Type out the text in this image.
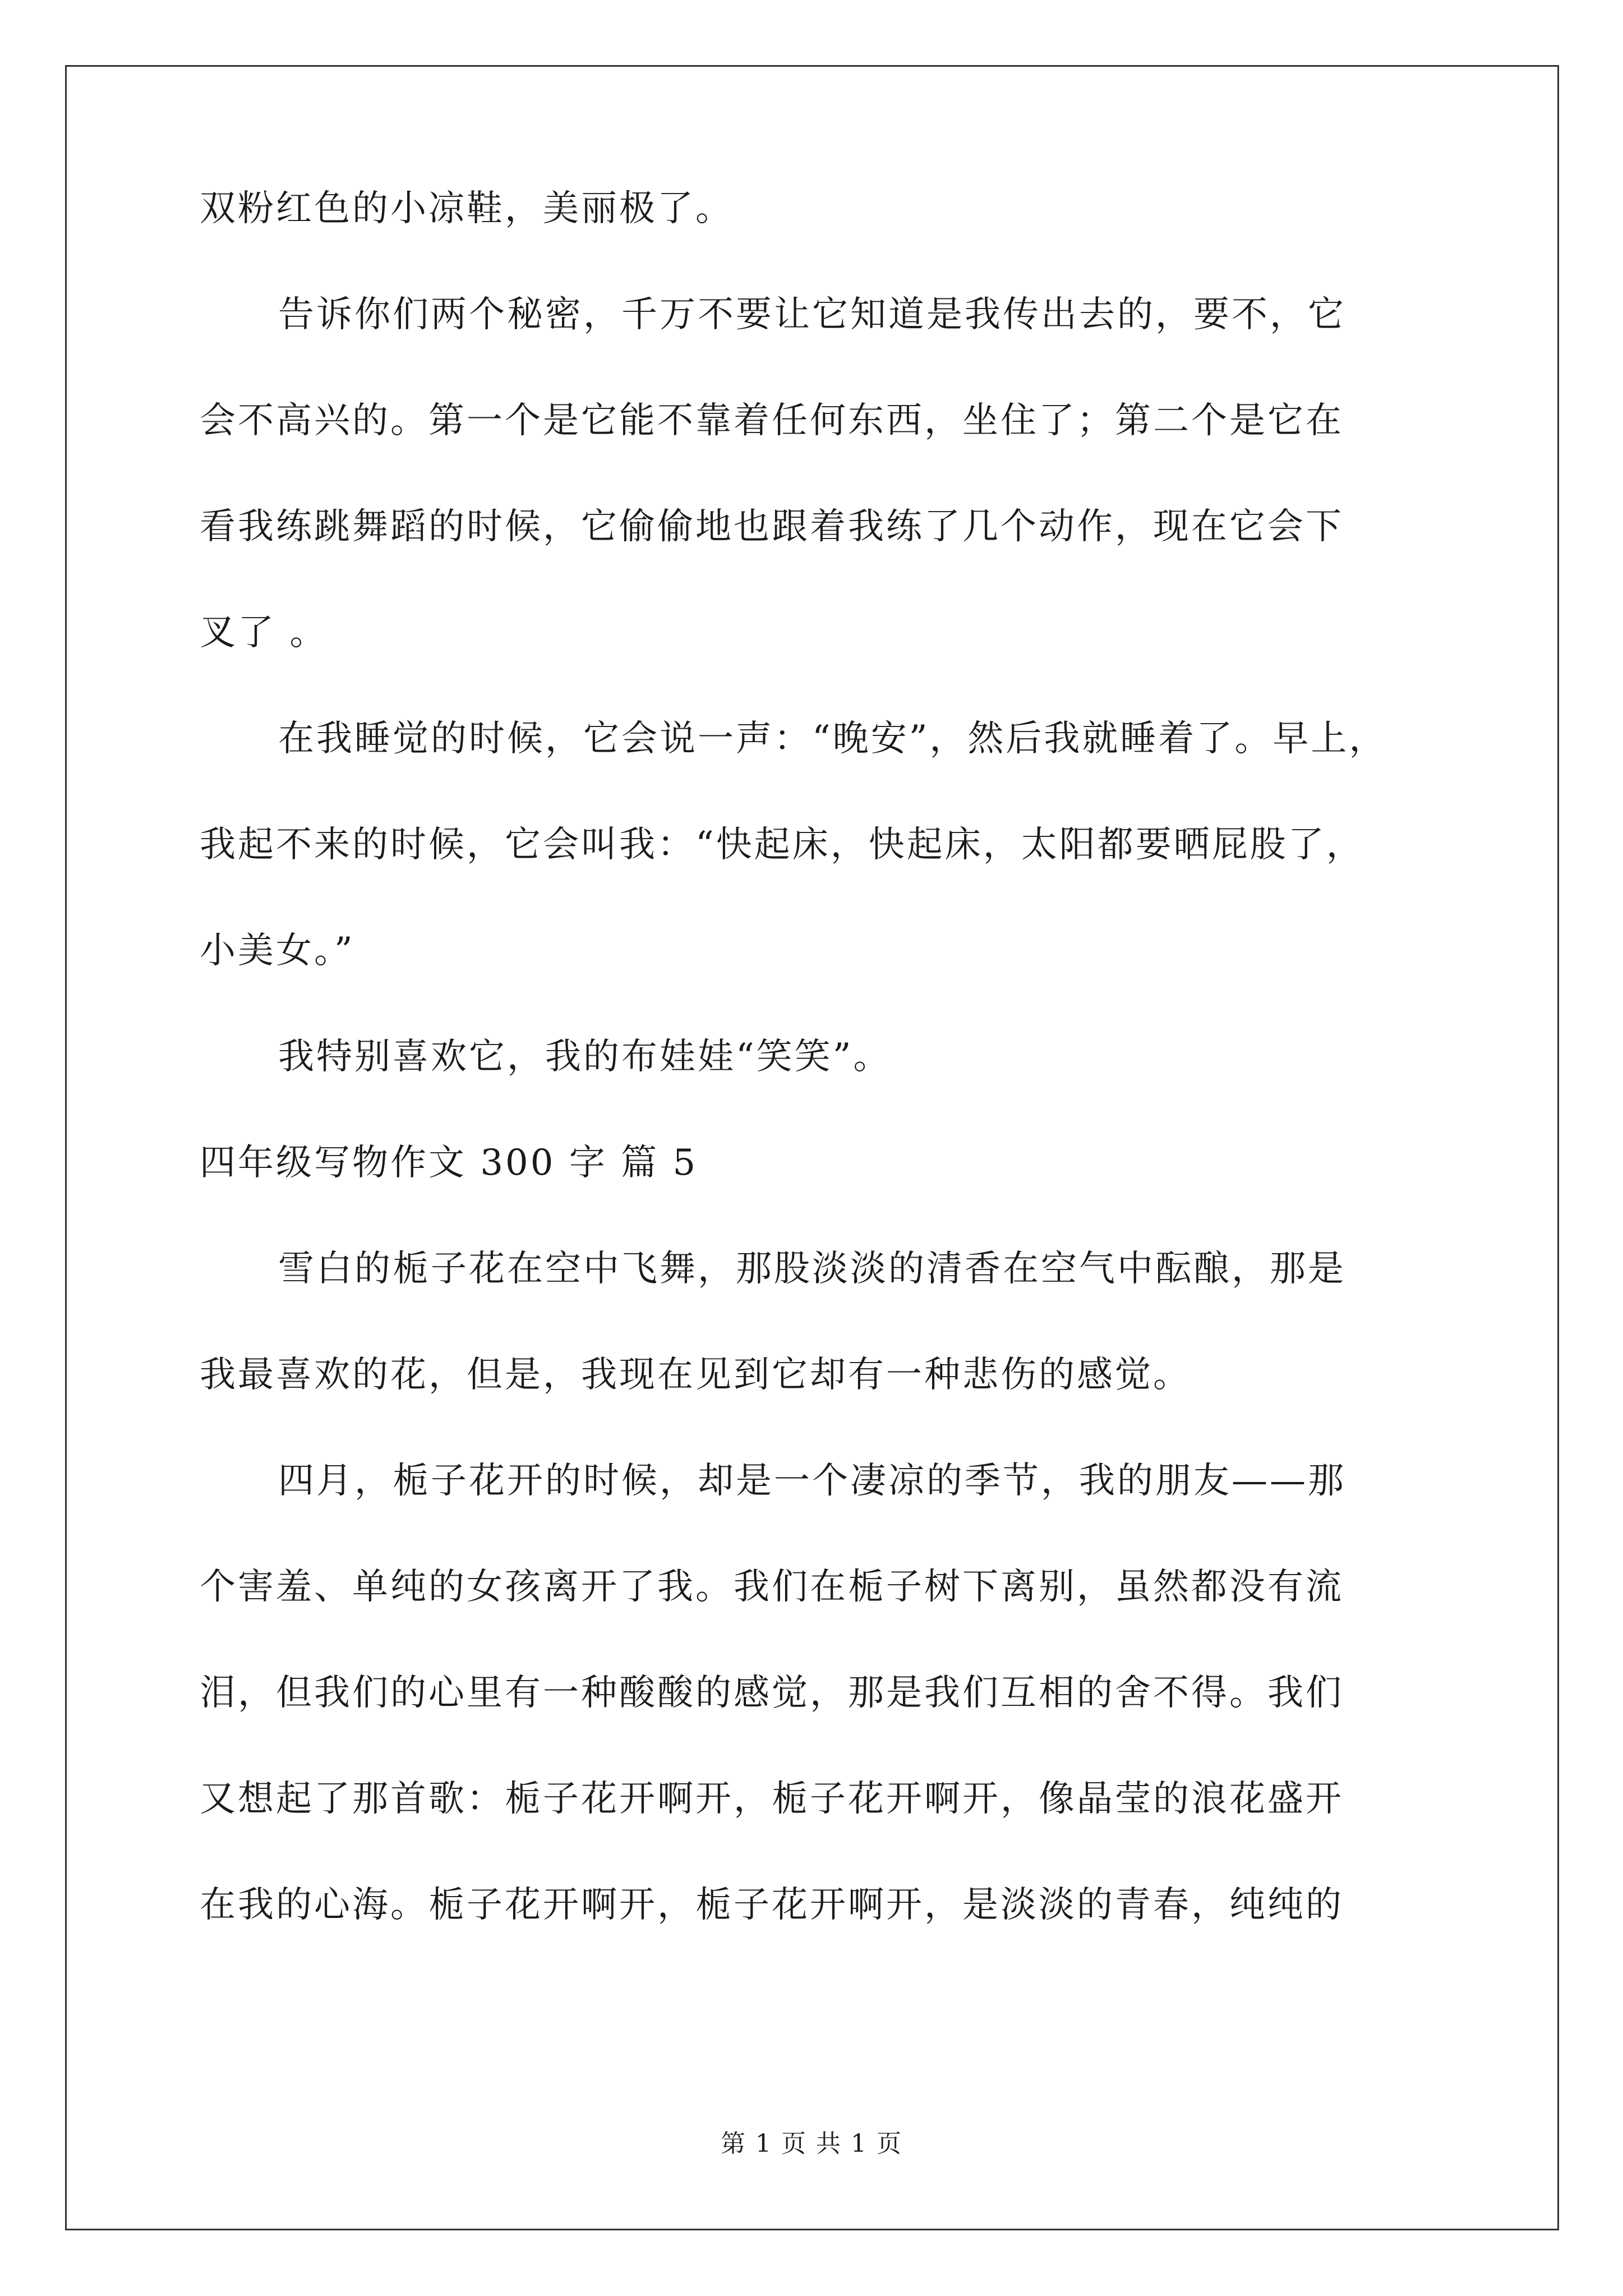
双粉红色的小凉鞋，美丽极了。
告诉你们两个秘密，千万不要让它知道是我传出去的，要不，它
会不高兴的。第一个是它能不靠着任何东西，坐住了；第二个是它在
看我练跳舞蹈的时候，它偷偷地也跟着我练了几个动作，现在它会下
叉了 。
在我睡觉的时候，它会说一声：“晚安”，然后我就睡着了。早上，
我起不来的时候，它会叫我：“快起床，快起床，太阳都要晒屁股了，
小美女。”
我特别喜欢它，我的布娃娃“笑笑”。
四年级写物作文 300 字 篇 5
雪白的栀子花在空中飞舞，那股淡淡的清香在空气中酝酿，那是
我最喜欢的花，但是，我现在见到它却有一种悲伤的感觉。
四月，栀子花开的时候，却是一个凄凉的季节，我的朋友——那
个害羞、单纯的女孩离开了我。我们在栀子树下离别，虽然都没有流
泪，但我们的心里有一种酸酸的感觉，那是我们互相的舍不得。我们
又想起了那首歌：栀子花开啊开，栀子花开啊开，像晶莹的浪花盛开
在我的心海。栀子花开啊开，栀子花开啊开，是淡淡的青春，纯纯的
第 1 页 共 1 页
